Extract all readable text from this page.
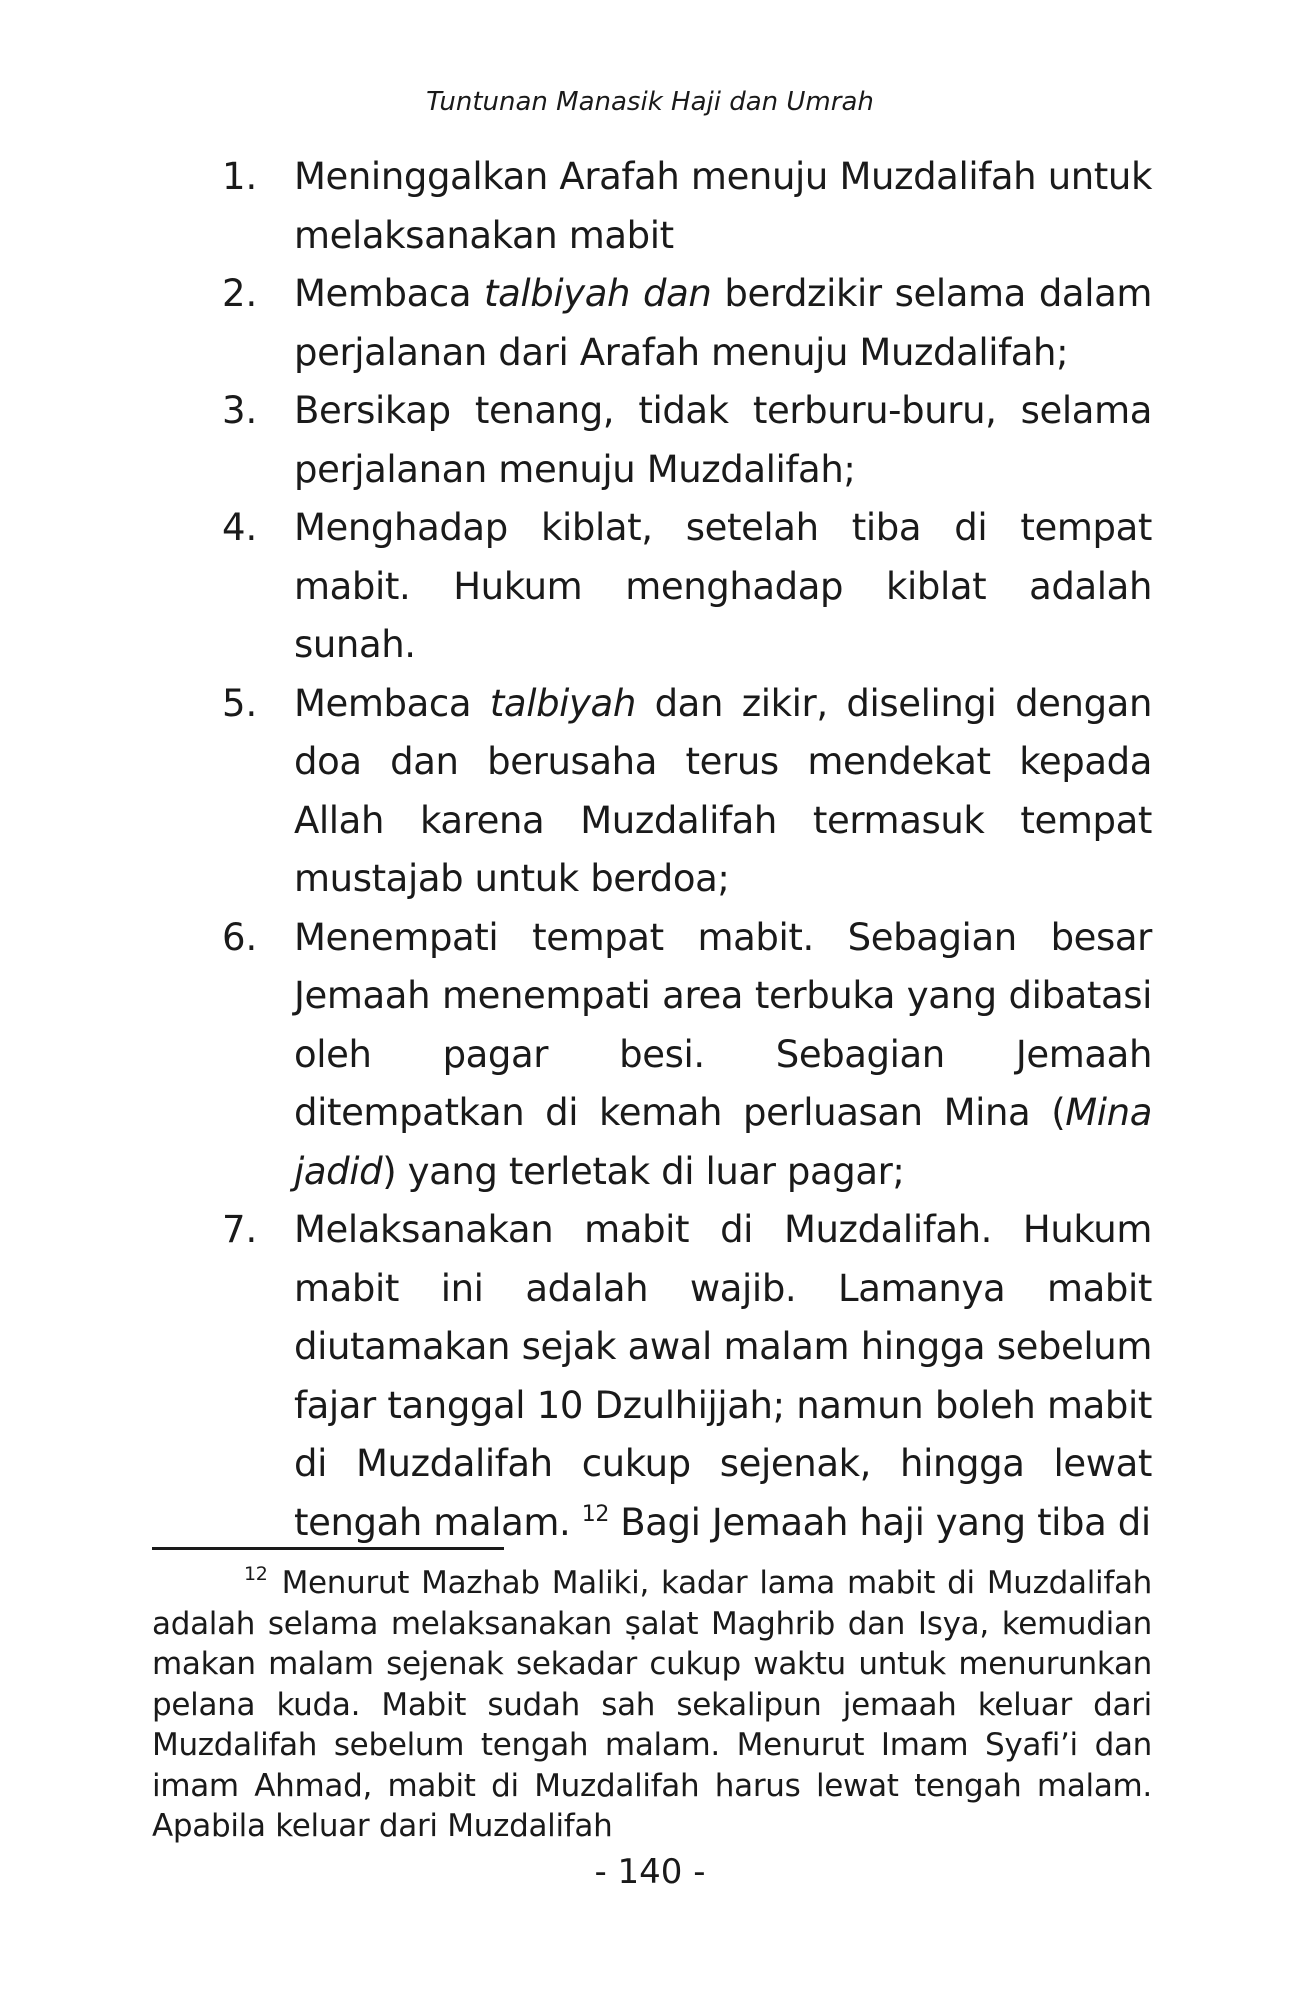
Tuntunan Manasik Haji dan Umrah
1. Meninggalkan Arafah menuju Muzdalifah untuk melaksanakan mabit
2. Membaca talbiyah dan berdzikir selama dalam perjalanan dari Arafah menuju Muzdalifah;
3. Bersikap tenang, tidak terburu-buru, selama perjalanan menuju Muzdalifah;
4. Menghadap kiblat, setelah tiba di tempat mabit. Hukum menghadap kiblat adalah sunah.
5. Membaca talbiyah dan zikir, diselingi dengan doa dan berusaha terus mendekat kepada Allah karena Muzdalifah termasuk tempat mustajab untuk berdoa;
6. Menempati tempat mabit. Sebagian besar Jemaah menempati area terbuka yang dibatasi oleh pagar besi. Sebagian Jemaah ditempatkan di kemah perluasan Mina (Mina jadid) yang terletak di luar pagar;
7. Melaksanakan mabit di Muzdalifah. Hukum mabit ini adalah wajib. Lamanya mabit diutamakan sejak awal malam hingga sebelum fajar tanggal 10 Dzulhijjah; namun boleh mabit di Muzdalifah cukup sejenak, hingga lewat tengah malam. $^{12}$ Bagi Jemaah haji yang tiba di

$^{12}$ Menurut Mazhab Maliki, kadar lama mabit di Muzdalifah adalah selama melaksanakan ṣalat Maghrib dan Isya, kemudian makan malam sejenak sekadar cukup waktu untuk menurunkan pelana kuda. Mabit sudah sah sekalipun jemaah keluar dari Muzdalifah sebelum tengah malam. Menurut Imam Syafi’i dan imam Ahmad, mabit di Muzdalifah harus lewat tengah malam. Apabila keluar dari Muzdalifah

- 140 -
